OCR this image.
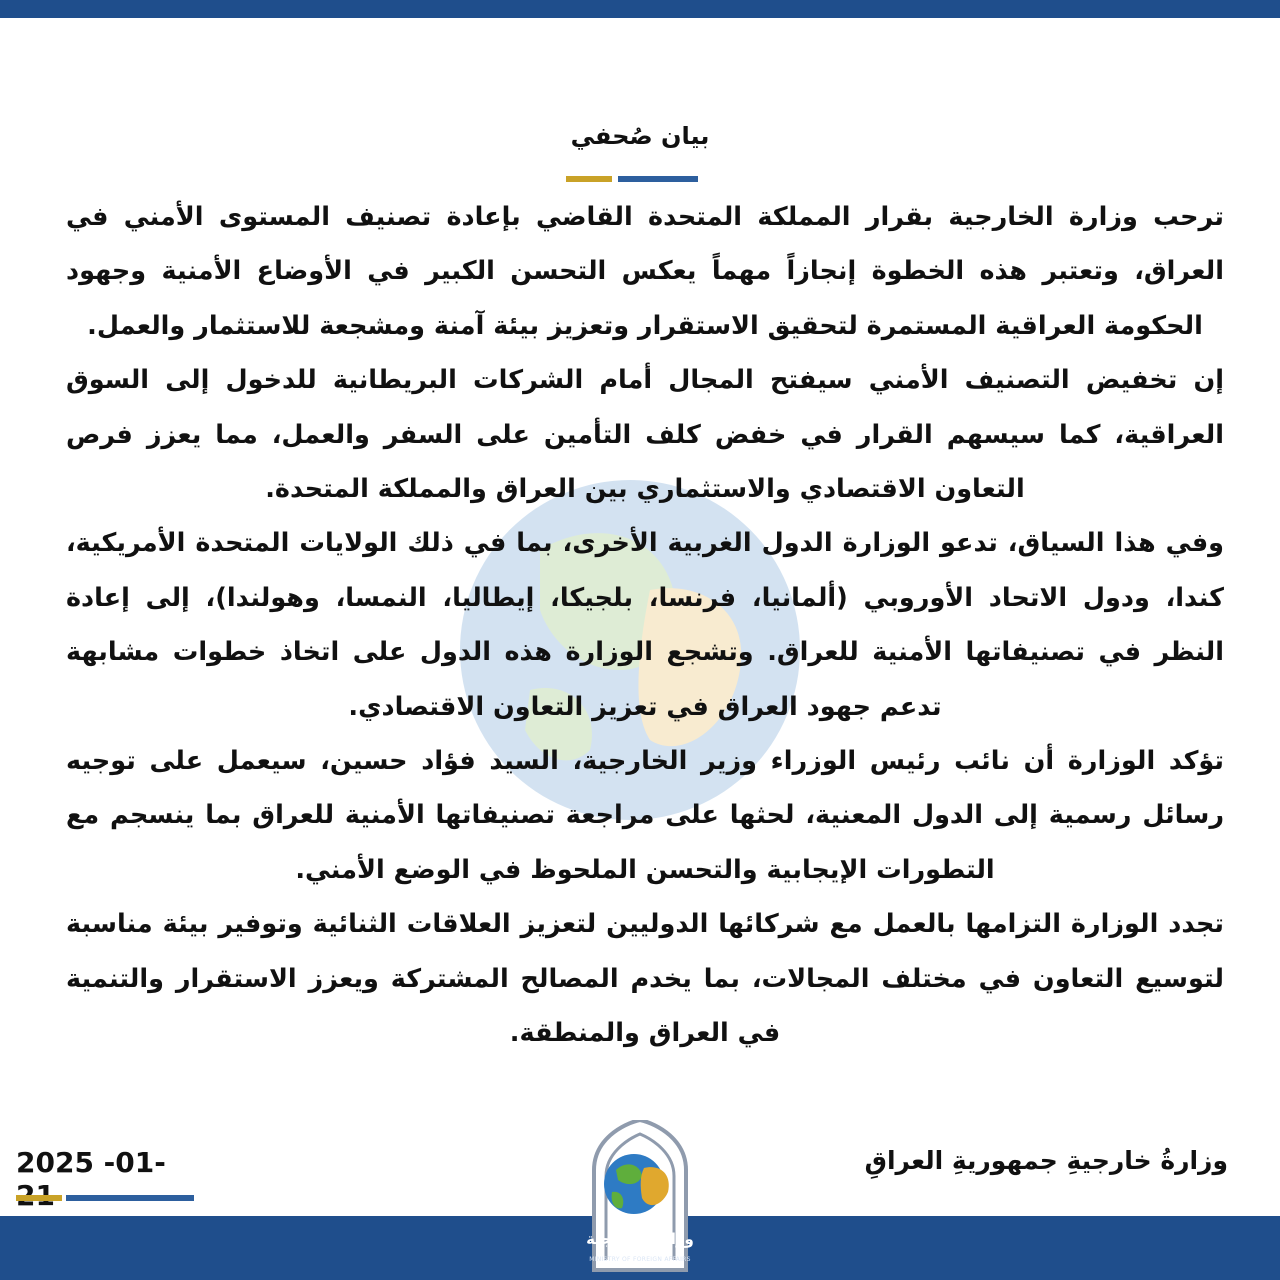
بيان صُحفي

ترحب وزارة الخارجية بقرار المملكة المتحدة القاضي بإعادة تصنيف المستوى الأمني في العراق، وتعتبر هذه الخطوة إنجازاً مهماً يعكس التحسن الكبير في الأوضاع الأمنية وجهود الحكومة العراقية المستمرة لتحقيق الاستقرار وتعزيز بيئة آمنة ومشجعة للاستثمار والعمل.

إن تخفيض التصنيف الأمني سيفتح المجال أمام الشركات البريطانية للدخول إلى السوق العراقية، كما سيسهم القرار في خفض كلف التأمين على السفر والعمل، مما يعزز فرص التعاون الاقتصادي والاستثماري بين العراق والمملكة المتحدة.

وفي هذا السياق، تدعو الوزارة الدول الغربية الأخرى، بما في ذلك الولايات المتحدة الأمريكية، كندا، ودول الاتحاد الأوروبي (ألمانيا، فرنسا، بلجيكا، إيطاليا، النمسا، وهولندا)، إلى إعادة النظر في تصنيفاتها الأمنية للعراق. وتشجع الوزارة هذه الدول على اتخاذ خطوات مشابهة تدعم جهود العراق في تعزيز التعاون الاقتصادي.

تؤكد الوزارة أن نائب رئيس الوزراء وزير الخارجية، السيد فؤاد حسين، سيعمل على توجيه رسائل رسمية إلى الدول المعنية، لحثها على مراجعة تصنيفاتها الأمنية للعراق بما ينسجم مع التطورات الإيجابية والتحسن الملحوظ في الوضع الأمني.

تجدد الوزارة التزامها بالعمل مع شركائها الدوليين لتعزيز العلاقات الثنائية وتوفير بيئة مناسبة لتوسيع التعاون في مختلف المجالات، بما يخدم المصالح المشتركة ويعزز الاستقرار والتنمية في العراق والمنطقة.

وزارةُ خارجيةِ جمهوريةِ العراقِ

2025 -01-

وزارة الخارجية
MINISTRY OF FOREIGN AFFAIRS
